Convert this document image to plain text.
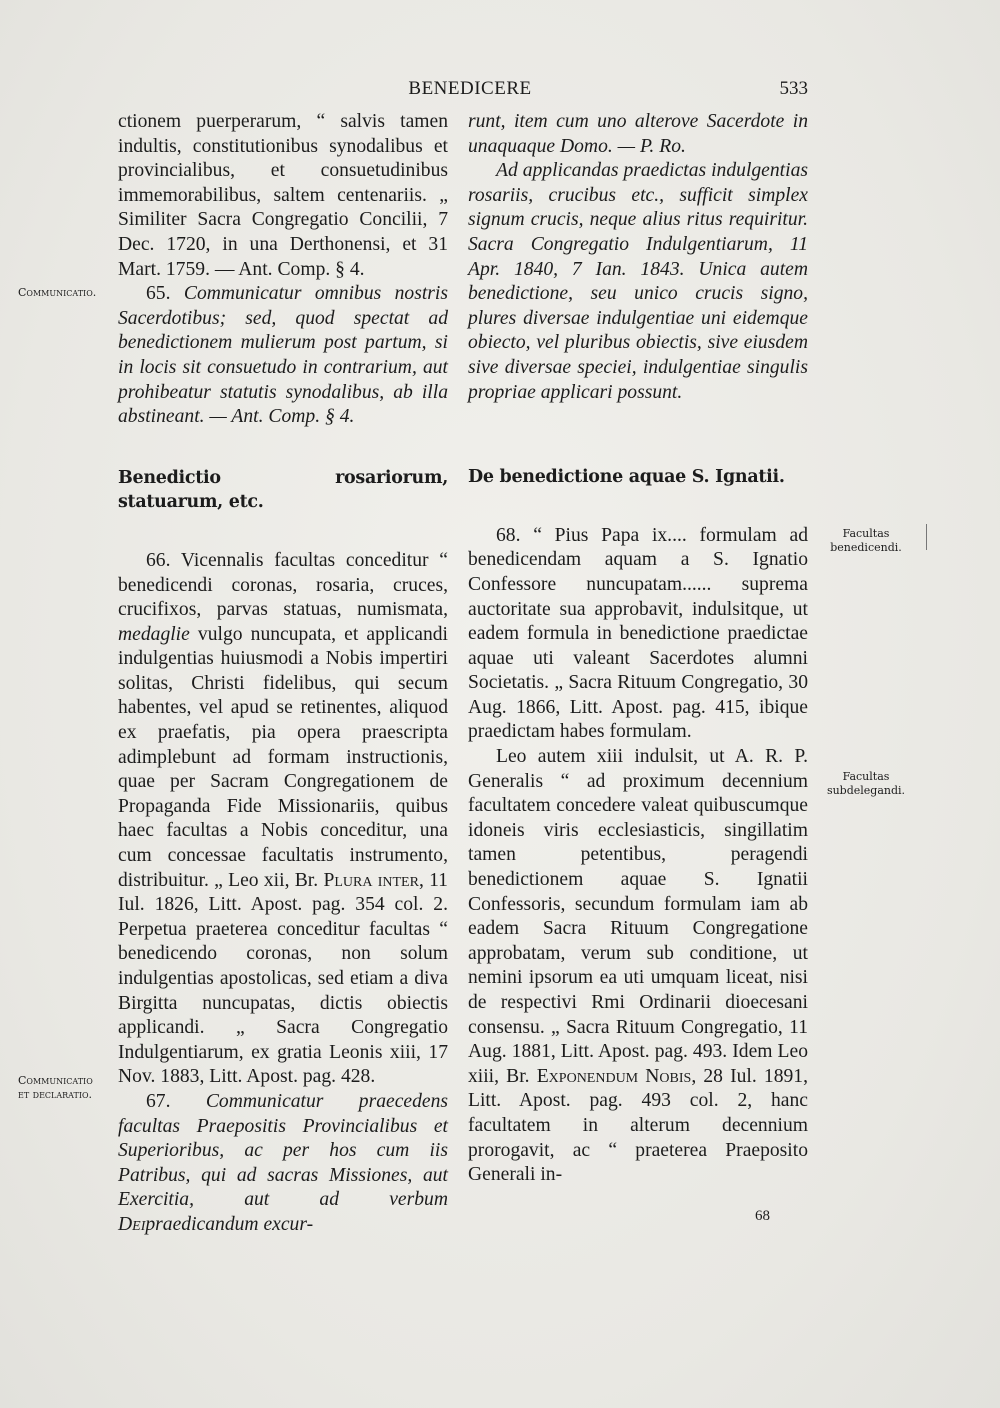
BENEDICERE	533
Communicatio.
Communicatio et declaratio.
Facultas benedicendi.
Facultas subdelegandi.

ctionem puerperarum, “ salvis tamen indultis, constitutionibus synodalibus et provincialibus, et consuetudinibus immemorabilibus, saltem centenariis. „ Similiter Sacra Congregatio Concilii, 7 Dec. 1720, in una Derthonensi, et 31 Mart. 1759. — Ant. Comp. § 4.

65. Communicatur omnibus nostris Sacerdotibus; sed, quod spectat ad benedictionem mulierum post partum, si in locis sit consuetudo in contrarium, aut prohibeatur statutis synodalibus, ab illa abstineant. — Ant. Comp. § 4.

Benedictio rosariorum, statuarum, etc.

66. Vicennalis facultas conceditur “ benedicendi coronas, rosaria, cruces, crucifixos, parvas statuas, numismata, medaglie vulgo nuncupata, et applicandi indulgentias huiusmodi a Nobis impertiri solitas, Christi fidelibus, qui secum habentes, vel apud se retinentes, aliquod ex praefatis, pia opera praescripta adimplebunt ad formam instructionis, quae per Sacram Congregationem de Propaganda Fide Missionariis, quibus haec facultas a Nobis conceditur, una cum concessae facultatis instrumento, distribuitur. „ Leo xii, Br. Plura inter, 11 Iul. 1826, Litt. Apost. pag. 354 col. 2. Perpetua praeterea conceditur facultas “ benedicendo coronas, non solum indulgentias apostolicas, sed etiam a diva Birgitta nuncupatas, dictis obiectis applicandi. „ Sacra Congregatio Indulgentiarum, ex gratia Leonis xiii, 17 Nov. 1883, Litt. Apost. pag. 428.

67. Communicatur praecedens facultas Praepositis Provincialibus et Superioribus, ac per hos cum iis Patribus, qui ad sacras Missiones, aut Exercitia, aut ad verbum Deipraedicandum excur-

runt, item cum uno alterove Sacerdote in unaquaque Domo. — P. Ro.

Ad applicandas praedictas indulgentias rosariis, crucibus etc., sufficit simplex signum crucis, neque alius ritus requiritur. Sacra Congregatio Indulgentiarum, 11 Apr. 1840, 7 Ian. 1843. Unica autem benedictione, seu unico crucis signo, plures diversae indulgentiae uni eidemque obiecto, vel pluribus obiectis, sive eiusdem sive diversae speciei, indulgentiae singulis propriae applicari possunt.

De benedictione aquae S. Ignatii.

68. “ Pius Papa ix.... formulam ad benedicendam aquam a S. Ignatio Confessore nuncupatam...... suprema auctoritate sua approbavit, indulsitque, ut eadem formula in benedictione praedictae aquae uti valeant Sacerdotes alumni Societatis. „ Sacra Rituum Congregatio, 30 Aug. 1866, Litt. Apost. pag. 415, ibique praedictam habes formulam.

Leo autem xiii indulsit, ut A. R. P. Generalis “ ad proximum decennium facultatem concedere valeat quibuscumque idoneis viris ecclesiasticis, singillatim tamen petentibus, peragendi benedictionem aquae S. Ignatii Confessoris, secundum formulam iam ab eadem Sacra Rituum Congregatione approbatam, verum sub conditione, ut nemini ipsorum ea uti umquam liceat, nisi de respectivi Rmi Ordinarii dioecesani consensu. „ Sacra Rituum Congregatio, 11 Aug. 1881, Litt. Apost. pag. 493. Idem Leo xiii, Br. Exponendum Nobis, 28 Iul. 1891, Litt. Apost. pag. 493 col. 2, hanc facultatem in alterum decennium prorogavit, ac “ praeterea Praeposito Generali in-

68
